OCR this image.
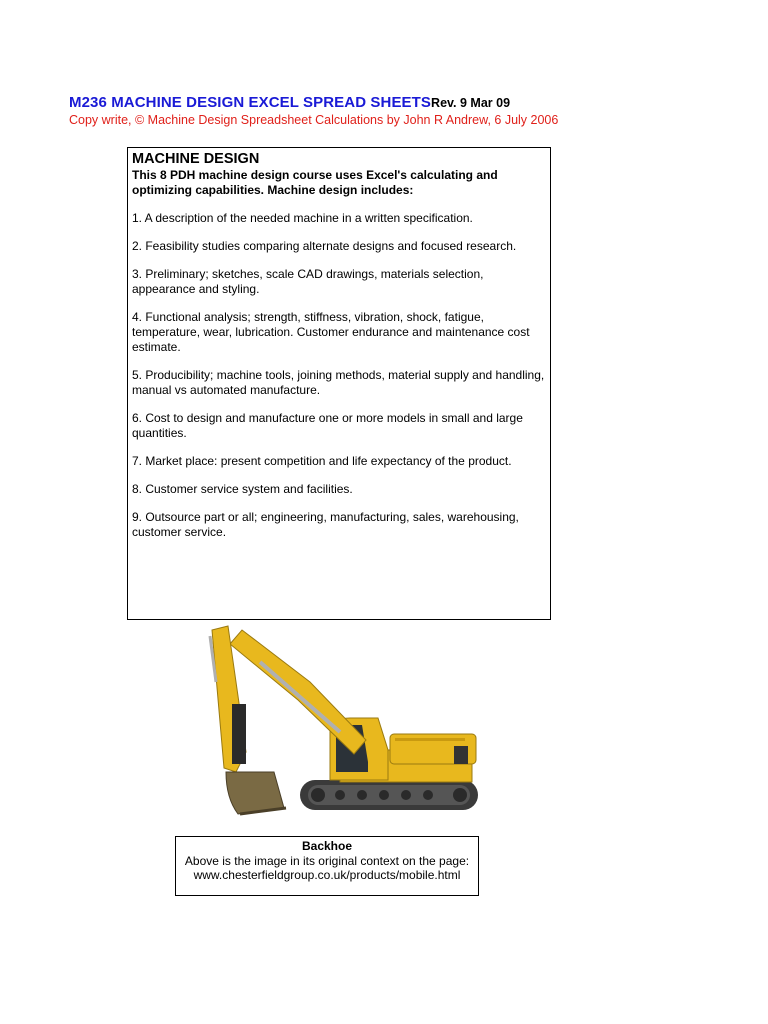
M236 MACHINE DESIGN EXCEL SPREAD SHEETSRev. 9 Mar 09
Copy write, © Machine Design Spreadsheet Calculations by John R Andrew, 6 July 2006

MACHINE DESIGN

This 8 PDH machine design course uses Excel's calculating and optimizing capabilities. Machine design includes:

1. A description of the needed machine in a written specification.

2. Feasibility studies comparing alternate designs and focused research.

3. Preliminary; sketches, scale CAD drawings, materials selection, appearance and styling.

4. Functional analysis; strength, stiffness, vibration, shock, fatigue, temperature, wear, lubrication. Customer endurance and maintenance cost estimate.

5. Producibility; machine tools, joining methods, material supply and handling, manual vs automated manufacture.

6. Cost to design and manufacture one or more models in small and large quantities.

7. Market place: present competition and life expectancy of the product.

8. Customer service system and facilities.

9. Outsource part or all; engineering, manufacturing, sales, warehousing, customer service.

Backhoe
Above is the image in its original context on the page:
www.chesterfieldgroup.co.uk/products/mobile.html
